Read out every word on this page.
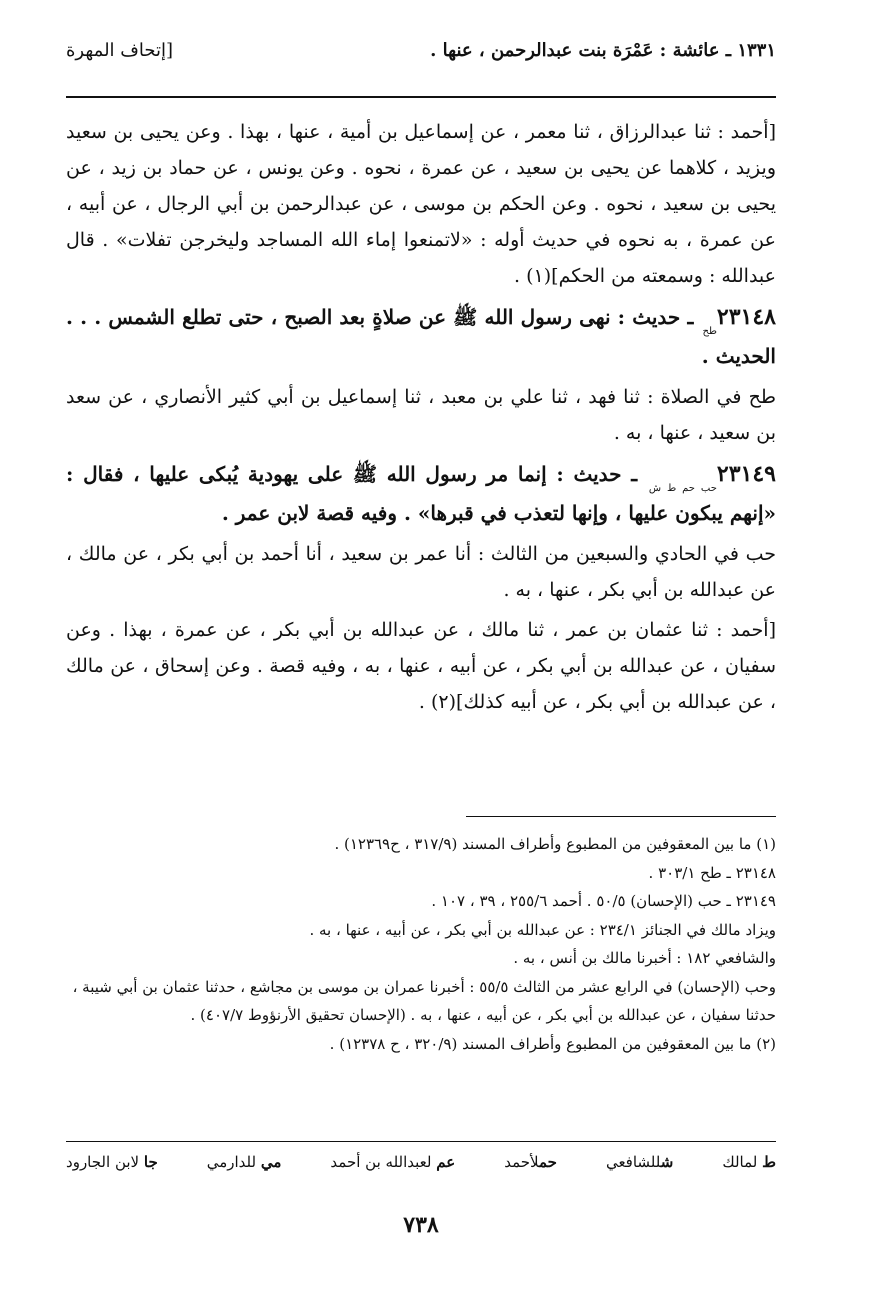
١٣٣١ ـ عائشة : عَمْرَة بنت عبدالرحمن ، عنها .
[إتحاف المهرة

[أحمد : ثنا عبدالرزاق ، ثنا معمر ، عن إسماعيل بن أمية ، عنها ، بهذا . وعن يحيى بن سعيد ويزيد ، كلاهما عن يحيى بن سعيد ، عن عمرة ، نحوه . وعن يونس ، عن حماد بن زيد ، عن يحيى بن سعيد ، نحوه . وعن الحكم بن موسى ، عن عبدالرحمن بن أبي الرجال ، عن أبيه ، عن عمرة ، به نحوه في حديث أوله : «لاتمنعوا إماء الله المساجد وليخرجن تفلات» . قال عبدالله : وسمعته من الحكم](١) .

$٢٣١٤٨_{طح}$ ـ حديث : نهى رسول الله ﷺ عن صلاةٍ بعد الصبح ، حتى تطلع الشمس . . . الحديث .

طح في الصلاة : ثنا فهد ، ثنا علي بن معبد ، ثنا إسماعيل بن أبي كثير الأنصاري ، عن سعد بن سعيد ، عنها ، به .

$٢٣١٤٩_{حب حم ط ش}$ ـ حديث : إنما مر رسول الله ﷺ على يهودية يُبكى عليها ، فقال : «إنهم يبكون عليها ، وإنها لتعذب في قبرها» . وفيه قصة لابن عمر .

حب في الحادي والسبعين من الثالث : أنا عمر بن سعيد ، أنا أحمد بن أبي بكر ، عن مالك ، عن عبدالله بن أبي بكر ، عنها ، به .

[أحمد : ثنا عثمان بن عمر ، ثنا مالك ، عن عبدالله بن أبي بكر ، عن عمرة ، بهذا . وعن سفيان ، عن عبدالله بن أبي بكر ، عن أبيه ، عنها ، به ، وفيه قصة . وعن إسحاق ، عن مالك ، عن عبدالله بن أبي بكر ، عن أبيه كذلك](٢) .

(١) ما بين المعقوفين من المطبوع وأطراف المسند (٣١٧/٩ ، ح١٢٣٦٩) .
٢٣١٤٨ ـ طح ٣٠٣/١ .
٢٣١٤٩ ـ حب (الإحسان) ٥٠/٥ . أحمد ٢٥٥/٦ ، ٣٩ ، ١٠٧ .
ويزاد مالك في الجنائز ٢٣٤/١ : عن عبدالله بن أبي بكر ، عن أبيه ، عنها ، به .
والشافعي ١٨٢ : أخبرنا مالك بن أنس ، به .
وحب (الإحسان) في الرابع عشر من الثالث ٥٥/٥ : أخبرنا عمران بن موسى بن مجاشع ، حدثنا عثمان بن أبي شيبة ، حدثنا سفيان ، عن عبدالله بن أبي بكر ، عن أبيه ، عنها ، به . (الإحسان تحقيق الأرنؤوط ٤٠٧/٧) .
(٢) ما بين المعقوفين من المطبوع وأطراف المسند (٣٢٠/٩ ، ح ١٢٣٧٨) .
ط لمالك
شللشافعي
حملأحمد
عم لعبدالله بن أحمد
مي للدارمي
جا لابن الجارود
٧٣٨
